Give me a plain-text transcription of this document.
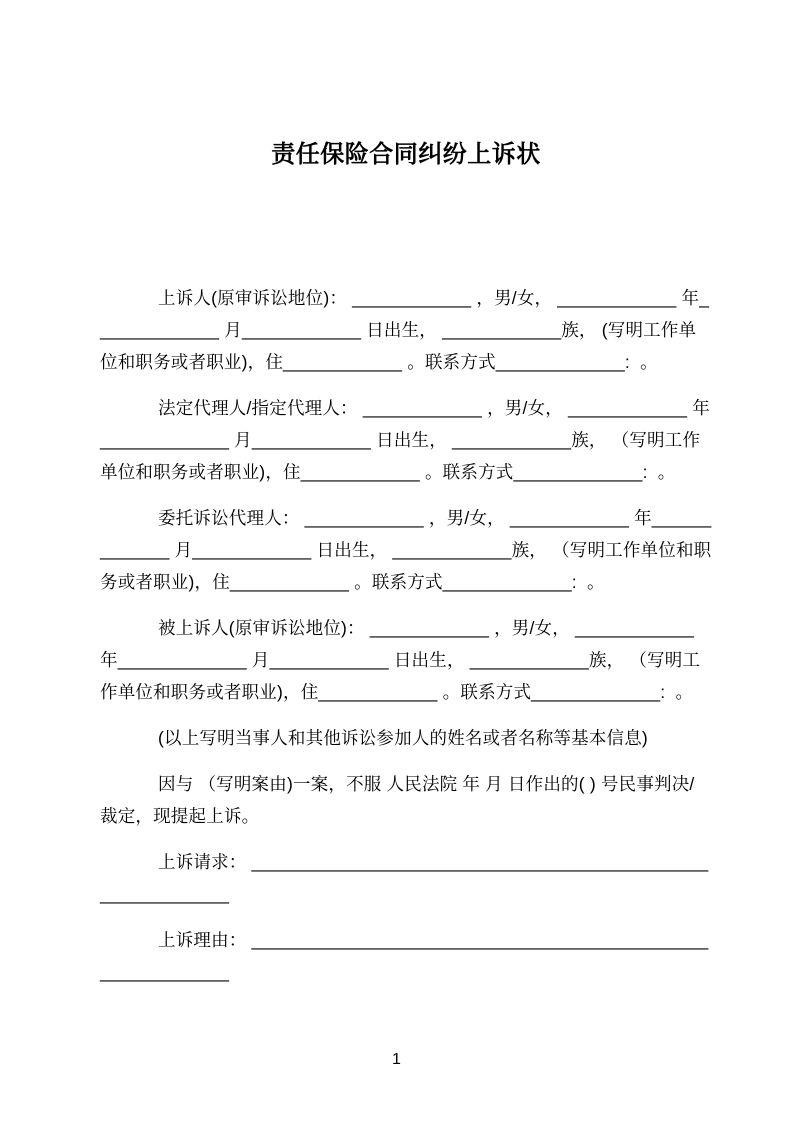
责任保险合同纠纷上诉状

上诉人(原审诉讼地位)： ____________ ，男/女， ____________ 年_____________ 月____________ 日出生， ____________族， (写明工作单位和职务或者职业)，住____________ 。联系方式_____________:  。

法定代理人/指定代理人： ____________ ，男/女， ____________ 年_____________ 月____________ 日出生， ____________族， （写明工作单位和职务或者职业)，住____________ 。联系方式_____________:  。

委托诉讼代理人： ____________ ，男/女， ____________ 年_____________ 月____________ 日出生， ____________族， （写明工作单位和职务或者职业)，住____________ 。联系方式_____________:  。

被上诉人(原审诉讼地位)： ____________ ，男/女， ____________ 年_____________ 月____________ 日出生， ____________族， （写明工作单位和职务或者职业)，住____________ 。联系方式_____________:  。

(以上写明当事人和其他诉讼参加人的姓名或者名称等基本信息)

因与 （写明案由)一案，不服 人民法院 年 月 日作出的( ) 号民事判决/裁定，现提起上诉。

上诉请求： ___________________________________________________________

上诉理由： ___________________________________________________________

1
